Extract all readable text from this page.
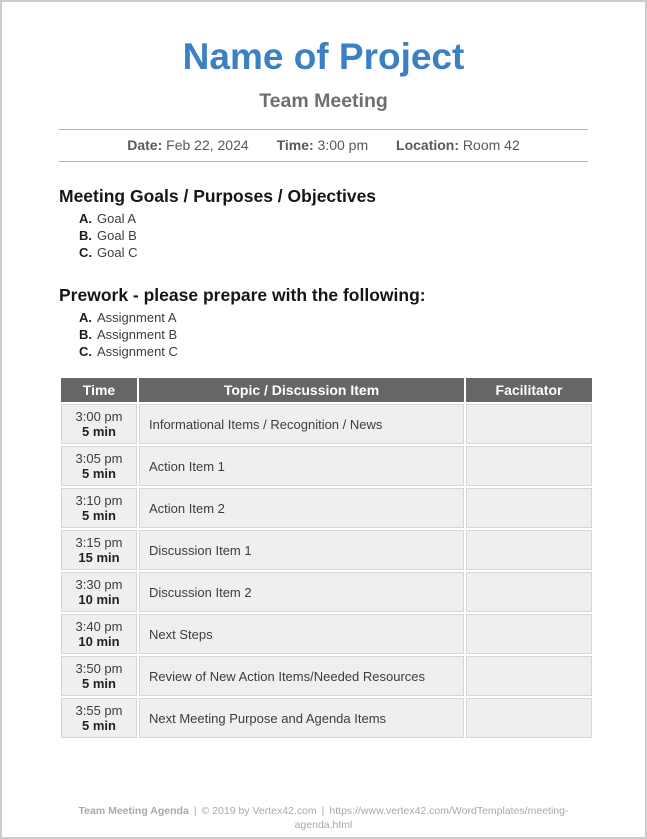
Name of Project
Team Meeting
Date: Feb 22, 2024 Time: 3:00 pm Location: Room 42
Meeting Goals / Purposes / Objectives
A. Goal A
B. Goal B
C. Goal C
Prework - please prepare with the following:
A. Assignment A
B. Assignment B
C. Assignment C
Time	Topic / Discussion Item	Facilitator

3:00 pm
5 min	Informational Items / Recognition / News	

3:05 pm
5 min	Action Item 1	

3:10 pm
5 min	Action Item 2	

3:15 pm
15 min	Discussion Item 1	

3:30 pm
10 min	Discussion Item 2	

3:40 pm
10 min	Next Steps	

3:50 pm
5 min	Review of New Action Items/Needed Resources	

3:55 pm
5 min	Next Meeting Purpose and Agenda Items	
Team Meeting Agenda | © 2019 by Vertex42.com | https://www.vertex42.com/WordTemplates/meeting-agenda.html
